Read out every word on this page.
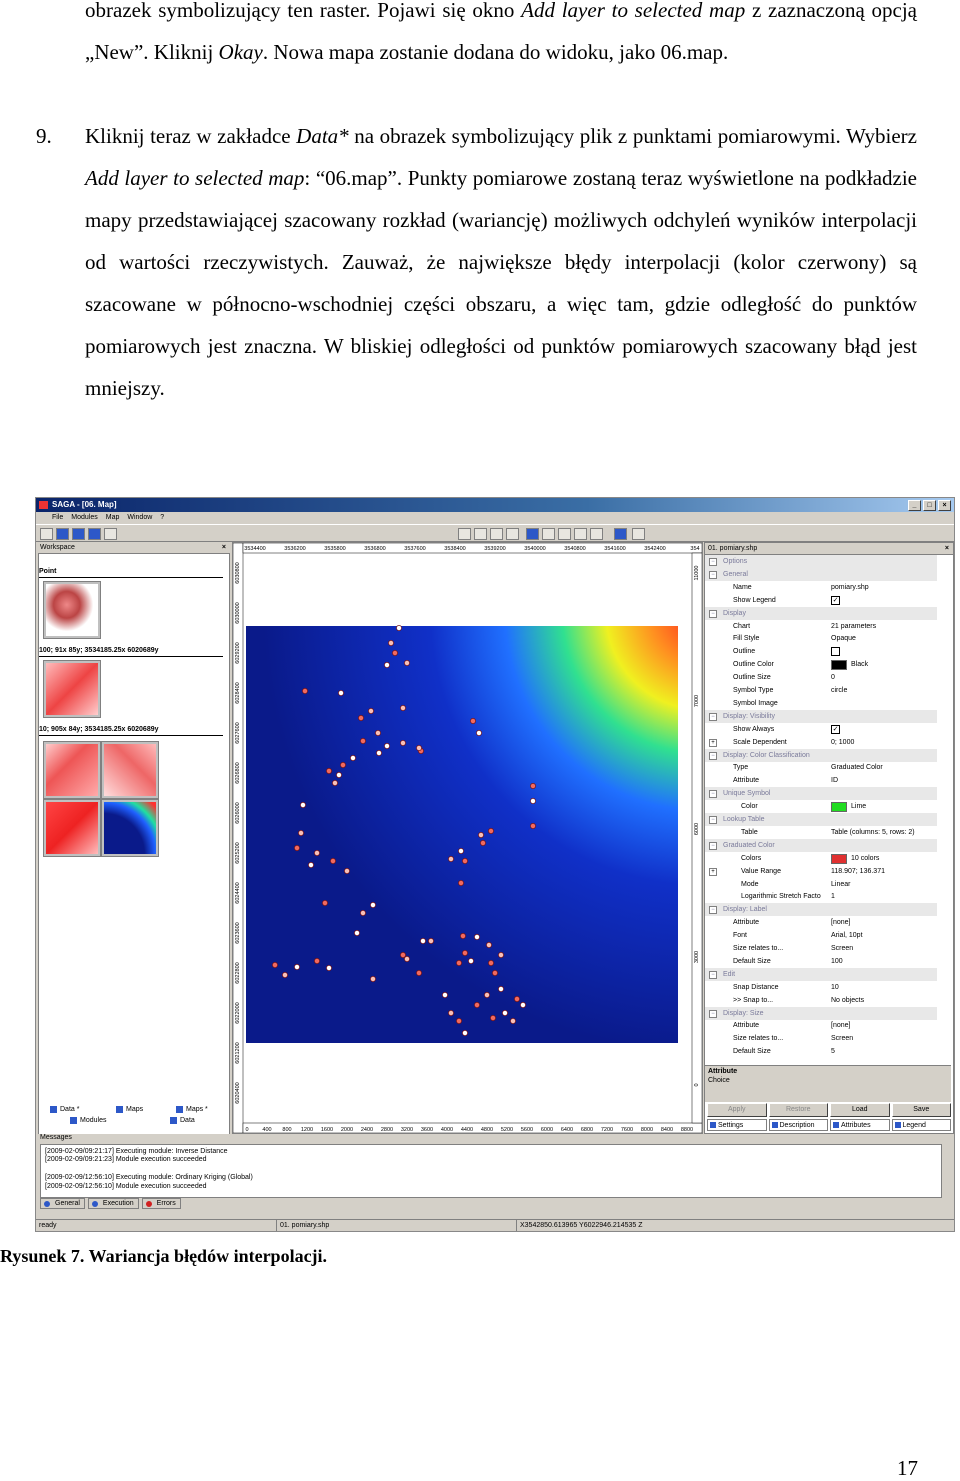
obrazek symbolizujący ten raster. Pojawi się okno Add layer to selected map z zaznaczoną opcją „New”. Kliknij Okay. Nowa mapa zostanie dodana do widoku, jako 06.map.
9. Kliknij teraz w zakładce Data* na obrazek symbolizujący plik z punktami pomiarowymi. Wybierz Add layer to selected map: “06.map”. Punkty pomiarowe zostaną teraz wyświetlone na podkładzie mapy przedstawiającej szacowany rozkład (wariancję) możliwych odchyleń wyników interpolacji od wartości rzeczywistych. Zauważ, że największe błędy interpolacji (kolor czerwony) są szacowane w północno-wschodniej części obszaru, a więc tam, gdzie odległość do punktów pomiarowych jest znaczna. W bliskiej odległości od punktów pomiarowych szacowany błąd jest mniejszy.
SAGA - [06. Map]	_	□	×
File Modules Map Window ?
Workspace	×
Point
100; 91x 85y; 3534185.25x 6020689y
10; 905x 84y; 3534185.25x 6020689y
Data *	Maps	Maps *
Modules	Data
3534400	3536200	3535800	3536800	3537600	3538400	3539200	3540000	3540800	3541600	3542400	354
6030800
6030000
6029200
6028400
6027600
6026800
6026000
6025200
6024400
6023600
6022800
6022000
6021200
6020400
0	400 800 1200 1600 2000 2400 2800 3200 3600 4000 4400 4800 5200 5600 6000 6400 6800 7200 7600 8000 8400 8800
11000
7000
6000
3000
0
01. pomiary.shp	×
−	Options
−	General
Name	pomiary.shp
Show Legend	✓
−	Display
Chart	21 parameters
Fill Style	Opaque
Outline
Outline Color	Black
Outline Size	0
Symbol Type	circle
Symbol Image
−	Display: Visibility
Show Always	✓
+	Scale Dependent	0; 1000
−	Display: Color Classification
Type	Graduated Color
Attribute	ID
−	Unique Symbol
Color	Lime
−	Lookup Table
Table	Table (columns: 5, rows: 2)
−	Graduated Color
Colors	10 colors
+	Value Range	118.907; 136.371
Mode	Linear
Logarithmic Stretch Facto 1
−	Display: Label
Attribute	[none]
Font	Arial, 10pt
Size relates to...	Screen
Default Size	100
−	Edit
Snap Distance	10
>> Snap to...	No objects
−	Display: Size
Attribute	[none]
Size relates to...	Screen
Default Size	5
Attribute
Choice
Apply	Restore	Load	Save
Settings	Description	Attributes	Legend
Messages
[2009-02-09/09:21:17] Executing module: Inverse Distance
[2009-02-09/09:21:23] Module execution succeeded
[2009-02-09/12:56:10] Executing module: Ordinary Kriging (Global)
[2009-02-09/12:56:10] Module execution succeeded
General	Execution	Errors
ready	01. pomiary.shp	X3542850.613965 Y6022946.214535 Z
Rysunek 7. Wariancja błędów interpolacji.
17
